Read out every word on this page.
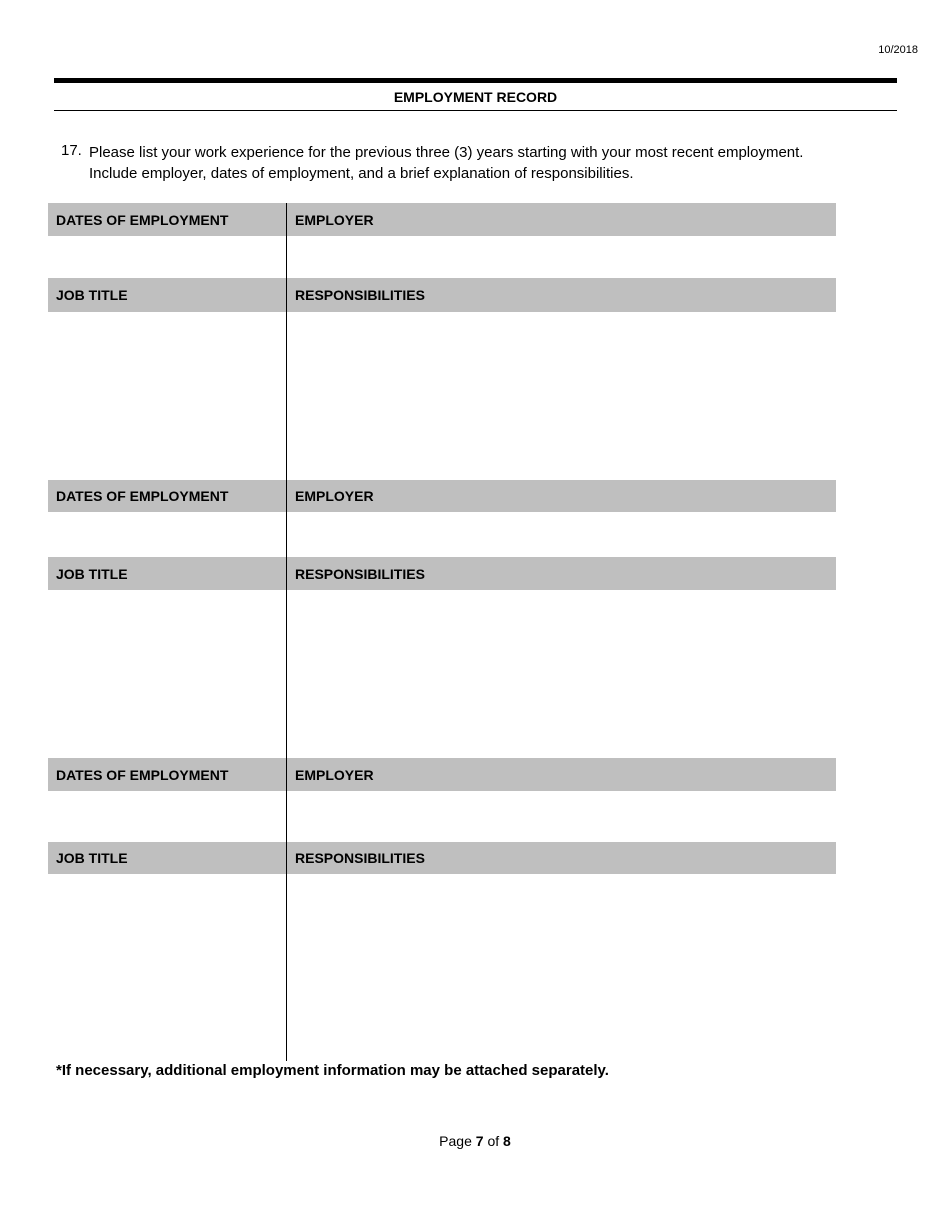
10/2018
EMPLOYMENT RECORD
17. Please list your work experience for the previous three (3) years starting with your most recent employment.
Include employer, dates of employment, and a brief explanation of responsibilities.
DATES OF EMPLOYMENT	EMPLOYER
JOB TITLE	RESPONSIBILITIES
DATES OF EMPLOYMENT	EMPLOYER
JOB TITLE	RESPONSIBILITIES
DATES OF EMPLOYMENT	EMPLOYER
JOB TITLE	RESPONSIBILITIES
*If necessary, additional employment information may be attached separately.
Page 7 of 8
